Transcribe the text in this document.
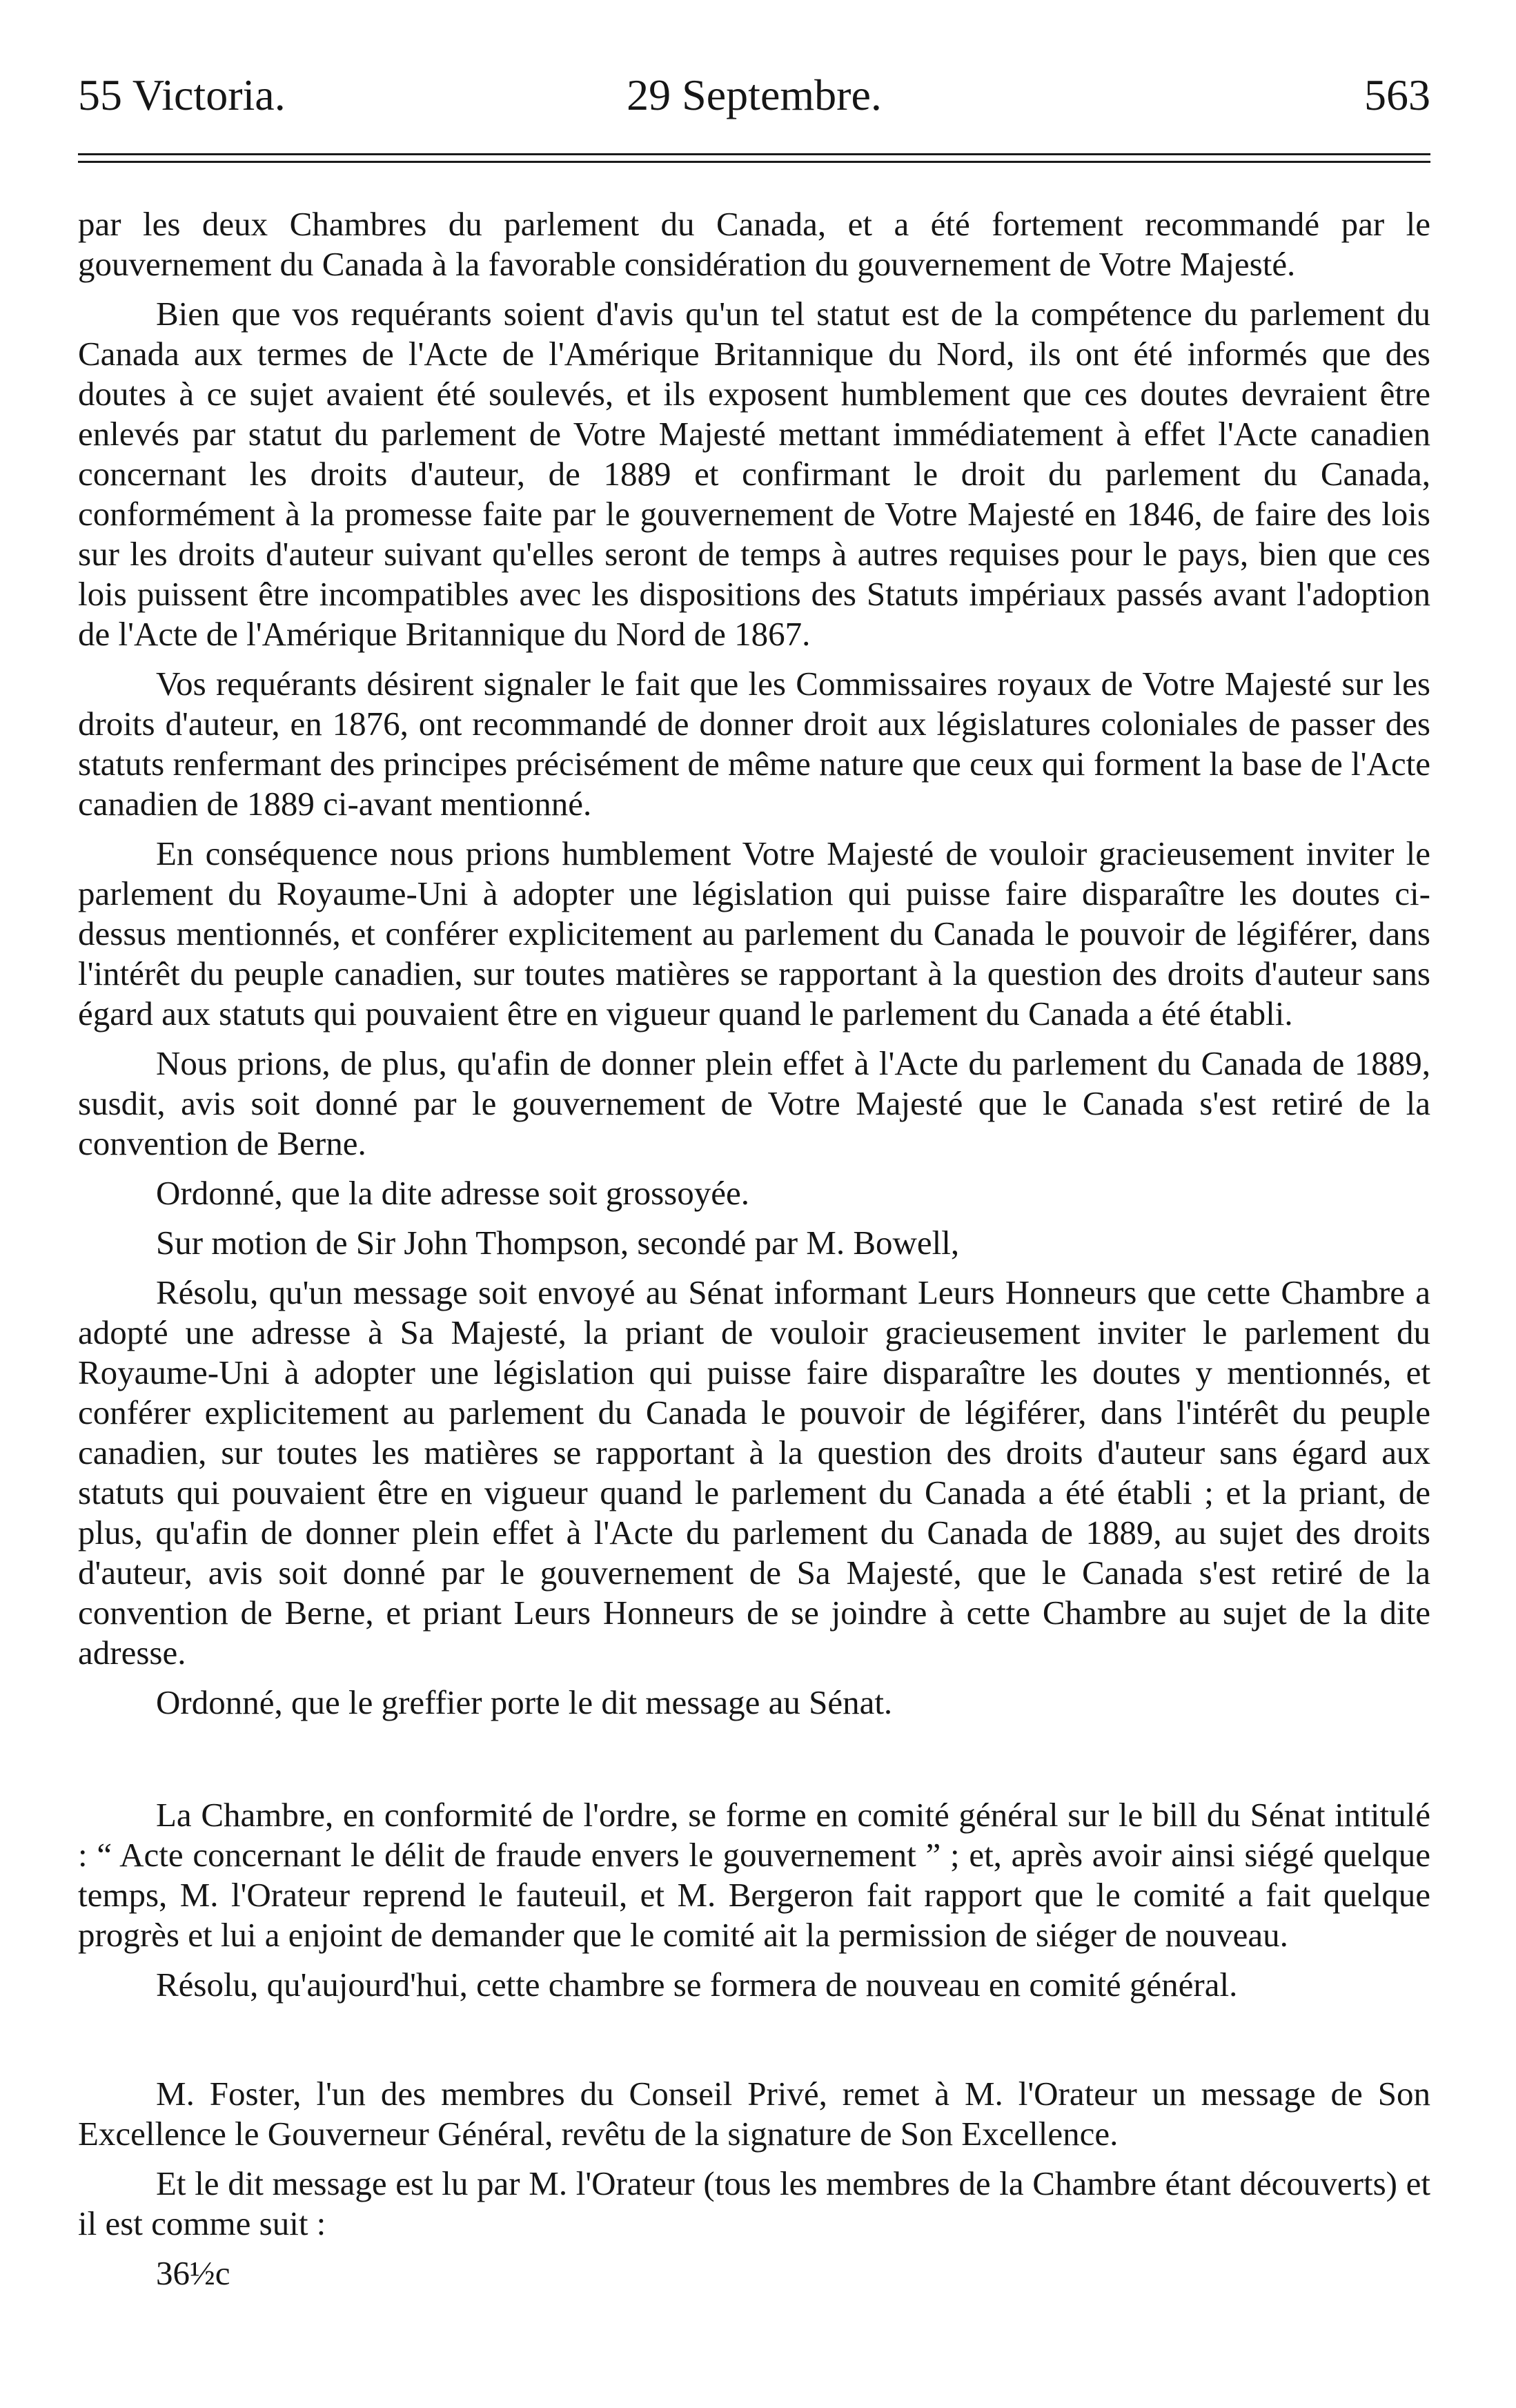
55 Victoria.	29 Septembre.	563

par les deux Chambres du parlement du Canada, et a été fortement recommandé par le gouvernement du Canada à la favorable considération du gouvernement de Votre Majesté.

Bien que vos requérants soient d'avis qu'un tel statut est de la compétence du parlement du Canada aux termes de l'Acte de l'Amérique Britannique du Nord, ils ont été informés que des doutes à ce sujet avaient été soulevés, et ils exposent humblement que ces doutes devraient être enlevés par statut du parlement de Votre Majesté mettant immédiatement à effet l'Acte canadien concernant les droits d'auteur, de 1889 et confirmant le droit du parlement du Canada, conformément à la promesse faite par le gouvernement de Votre Majesté en 1846, de faire des lois sur les droits d'auteur suivant qu'elles seront de temps à autres requises pour le pays, bien que ces lois puissent être incompatibles avec les dispositions des Statuts impériaux passés avant l'adoption de l'Acte de l'Amérique Britannique du Nord de 1867.

Vos requérants désirent signaler le fait que les Commissaires royaux de Votre Majesté sur les droits d'auteur, en 1876, ont recommandé de donner droit aux législatures coloniales de passer des statuts renfermant des principes précisément de même nature que ceux qui forment la base de l'Acte canadien de 1889 ci-avant mentionné.

En conséquence nous prions humblement Votre Majesté de vouloir gracieusement inviter le parlement du Royaume-Uni à adopter une législation qui puisse faire disparaître les doutes ci-dessus mentionnés, et conférer explicitement au parlement du Canada le pouvoir de légiférer, dans l'intérêt du peuple canadien, sur toutes matières se rapportant à la question des droits d'auteur sans égard aux statuts qui pouvaient être en vigueur quand le parlement du Canada a été établi.

Nous prions, de plus, qu'afin de donner plein effet à l'Acte du parlement du Canada de 1889, susdit, avis soit donné par le gouvernement de Votre Majesté que le Canada s'est retiré de la convention de Berne.

Ordonné, que la dite adresse soit grossoyée.

Sur motion de Sir John Thompson, secondé par M. Bowell,

Résolu, qu'un message soit envoyé au Sénat informant Leurs Honneurs que cette Chambre a adopté une adresse à Sa Majesté, la priant de vouloir gracieusement inviter le parlement du Royaume-Uni à adopter une législation qui puisse faire disparaître les doutes y mentionnés, et conférer explicitement au parlement du Canada le pouvoir de légiférer, dans l'intérêt du peuple canadien, sur toutes les matières se rapportant à la question des droits d'auteur sans égard aux statuts qui pouvaient être en vigueur quand le parlement du Canada a été établi ; et la priant, de plus, qu'afin de donner plein effet à l'Acte du parlement du Canada de 1889, au sujet des droits d'auteur, avis soit donné par le gouvernement de Sa Majesté, que le Canada s'est retiré de la convention de Berne, et priant Leurs Honneurs de se joindre à cette Chambre au sujet de la dite adresse.

Ordonné, que le greffier porte le dit message au Sénat.

La Chambre, en conformité de l'ordre, se forme en comité général sur le bill du Sénat intitulé : “ Acte concernant le délit de fraude envers le gouvernement ” ; et, après avoir ainsi siégé quelque temps, M. l'Orateur reprend le fauteuil, et M. Bergeron fait rapport que le comité a fait quelque progrès et lui a enjoint de demander que le comité ait la permission de siéger de nouveau.

Résolu, qu'aujourd'hui, cette chambre se formera de nouveau en comité général.

M. Foster, l'un des membres du Conseil Privé, remet à M. l'Orateur un message de Son Excellence le Gouverneur Général, revêtu de la signature de Son Excellence.

Et le dit message est lu par M. l'Orateur (tous les membres de la Chambre étant découverts) et il est comme suit :

36½c
